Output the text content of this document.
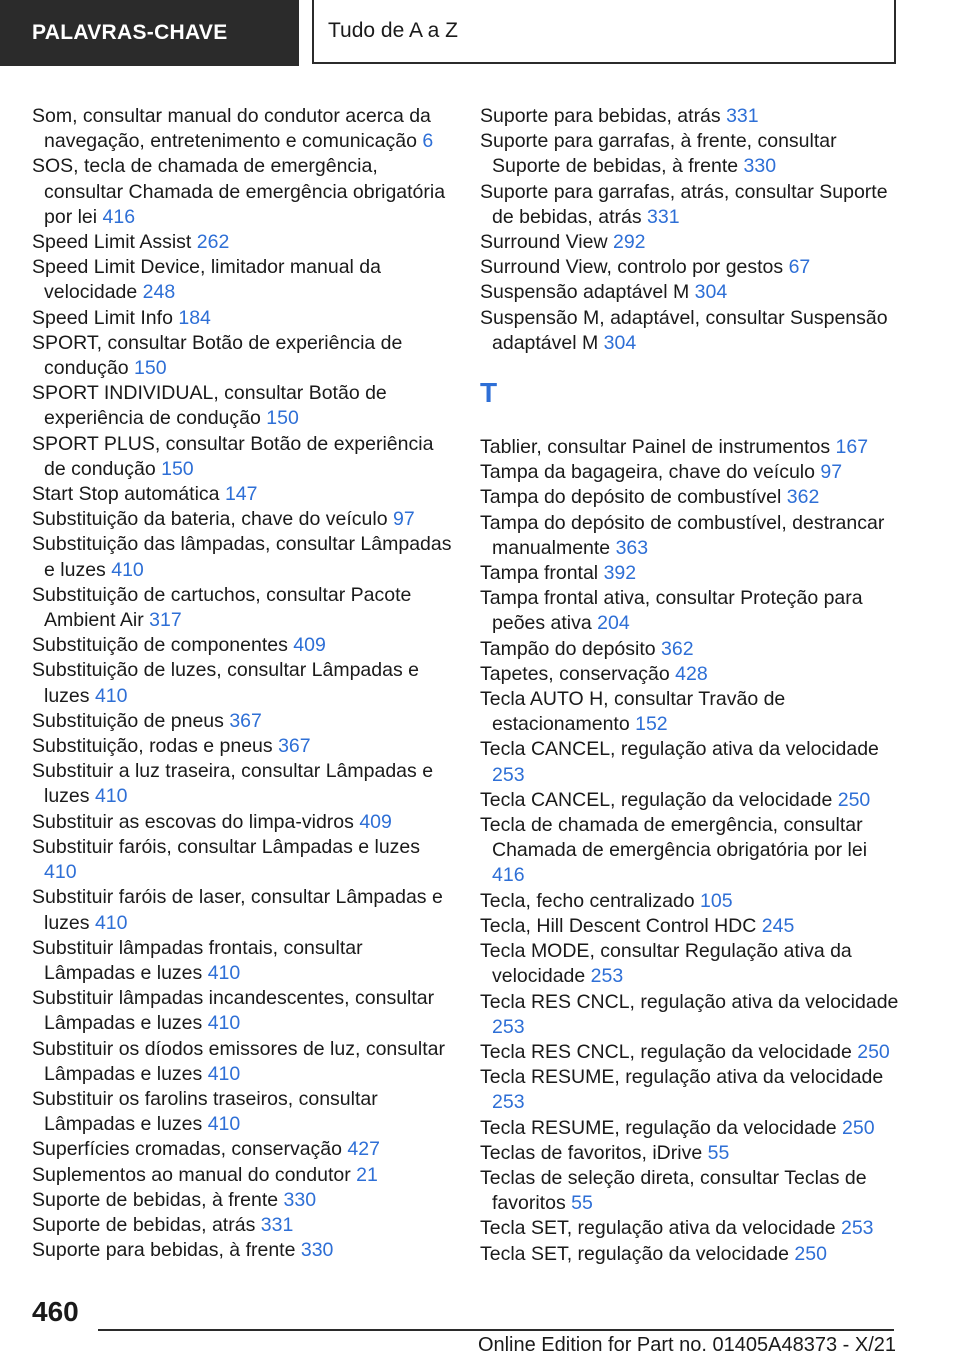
PALAVRAS-CHAVE	Tudo de A a Z
Som, consultar manual do condutor acerca da navegação, entretenimento e comunicação 6
SOS, tecla de chamada de emergência, consultar Chamada de emergência obrigatória por lei 416
Speed Limit Assist 262
Speed Limit Device, limitador manual da velocidade 248
Speed Limit Info 184
SPORT, consultar Botão de experiência de condução 150
SPORT INDIVIDUAL, consultar Botão de experiência de condução 150
SPORT PLUS, consultar Botão de experiência de condução 150
Start Stop automática 147
Substituição da bateria, chave do veículo 97
Substituição das lâmpadas, consultar Lâmpadas e luzes 410
Substituição de cartuchos, consultar Pacote Ambient Air 317
Substituição de componentes 409
Substituição de luzes, consultar Lâmpadas e luzes 410
Substituição de pneus 367
Substituição, rodas e pneus 367
Substituir a luz traseira, consultar Lâmpadas e luzes 410
Substituir as escovas do limpa-vidros 409
Substituir faróis, consultar Lâmpadas e luzes 410
Substituir faróis de laser, consultar Lâmpadas e luzes 410
Substituir lâmpadas frontais, consultar Lâmpadas e luzes 410
Substituir lâmpadas incandescentes, consultar Lâmpadas e luzes 410
Substituir os díodos emissores de luz, consultar Lâmpadas e luzes 410
Substituir os farolins traseiros, consultar Lâmpadas e luzes 410
Superfícies cromadas, conservação 427
Suplementos ao manual do condutor 21
Suporte de bebidas, à frente 330
Suporte de bebidas, atrás 331
Suporte para bebidas, à frente 330
Suporte para bebidas, atrás 331
Suporte para garrafas, à frente, consultar Suporte de bebidas, à frente 330
Suporte para garrafas, atrás, consultar Suporte de bebidas, atrás 331
Surround View 292
Surround View, controlo por gestos 67
Suspensão adaptável M 304
Suspensão M, adaptável, consultar Suspensão adaptável M 304
T
Tablier, consultar Painel de instrumentos 167
Tampa da bagageira, chave do veículo 97
Tampa do depósito de combustível 362
Tampa do depósito de combustível, destrancar manualmente 363
Tampa frontal 392
Tampa frontal ativa, consultar Proteção para peões ativa 204
Tampão do depósito 362
Tapetes, conservação 428
Tecla AUTO H, consultar Travão de estacionamento 152
Tecla CANCEL, regulação ativa da velocidade 253
Tecla CANCEL, regulação da velocidade 250
Tecla de chamada de emergência, consultar Chamada de emergência obrigatória por lei 416
Tecla, fecho centralizado 105
Tecla, Hill Descent Control HDC 245
Tecla MODE, consultar Regulação ativa da velocidade 253
Tecla RES CNCL, regulação ativa da velocidade 253
Tecla RES CNCL, regulação da velocidade 250
Tecla RESUME, regulação ativa da velocidade 253
Tecla RESUME, regulação da velocidade 250
Teclas de favoritos, iDrive 55
Teclas de seleção direta, consultar Teclas de favoritos 55
Tecla SET, regulação ativa da velocidade 253
Tecla SET, regulação da velocidade 250
460
Online Edition for Part no. 01405A48373 - X/21
